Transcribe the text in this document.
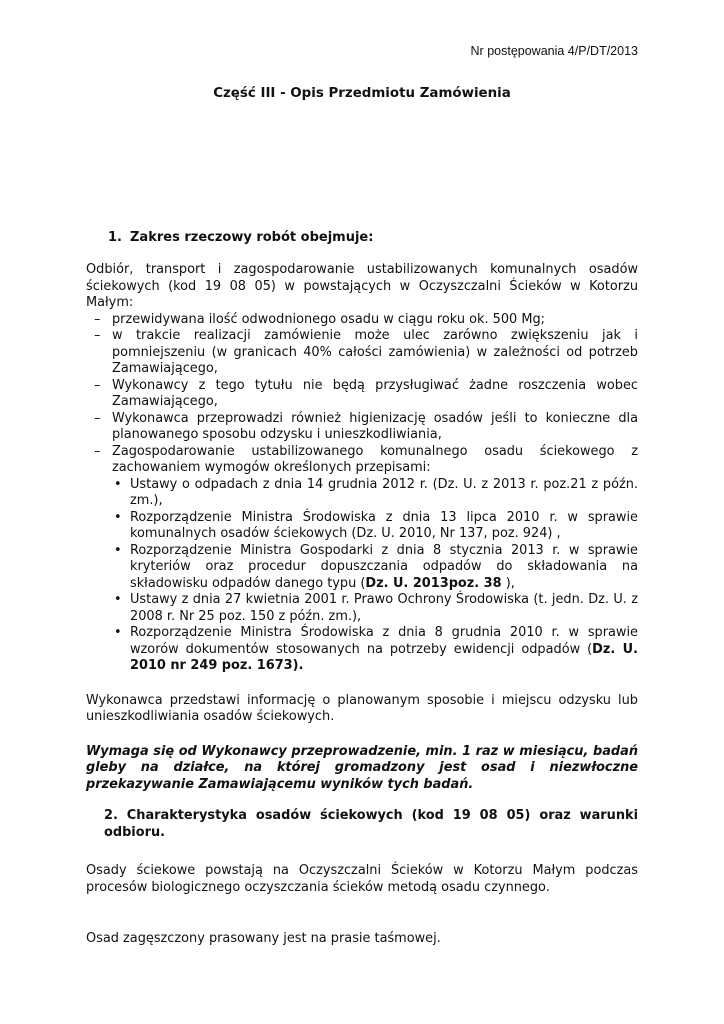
Nr postępowania 4/P/DT/2013
Część III - Opis Przedmiotu Zamówienia
1. Zakres rzeczowy robót obejmuje:

Odbiór, transport i zagospodarowanie ustabilizowanych komunalnych osadów ściekowych (kod 19 08 05) w powstających w Oczyszczalni Ścieków w Kotorzu Małym:

– przewidywana ilość odwodnionego osadu w ciągu roku ok. 500 Mg;
– w trakcie realizacji zamówienie może ulec zarówno zwiększeniu jak i pomniejszeniu (w granicach 40% całości zamówienia) w zależności od potrzeb Zamawiającego,
– Wykonawcy z tego tytułu nie będą przysługiwać żadne roszczenia wobec Zamawiającego,
– Wykonawca przeprowadzi również higienizację osadów jeśli to konieczne dla planowanego sposobu odzysku i unieszkodliwiania,
– Zagospodarowanie ustabilizowanego komunalnego osadu ściekowego z zachowaniem wymogów określonych przepisami:
• Ustawy o odpadach z dnia 14 grudnia 2012 r. (Dz. U. z 2013 r. poz.21 z późn. zm.),
• Rozporządzenie Ministra Środowiska z dnia 13 lipca 2010 r. w sprawie komunalnych osadów ściekowych (Dz. U. 2010, Nr 137, poz. 924) ,
• Rozporządzenie Ministra Gospodarki z dnia 8 stycznia 2013 r. w sprawie kryteriów oraz procedur dopuszczania odpadów do składowania na składowisku odpadów danego typu (Dz. U. 2013poz. 38 ),
• Ustawy z dnia 27 kwietnia 2001 r. Prawo Ochrony Środowiska (t. jedn. Dz. U. z 2008 r. Nr 25 poz. 150 z późn. zm.),
• Rozporządzenie Ministra Środowiska z dnia 8 grudnia 2010 r. w sprawie wzorów dokumentów stosowanych na potrzeby ewidencji odpadów (Dz. U. 2010 nr 249 poz. 1673).

Wykonawca przedstawi informację o planowanym sposobie i miejscu odzysku lub unieszkodliwiania osadów ściekowych.

Wymaga się od Wykonawcy przeprowadzenie, min. 1 raz w miesiącu, badań gleby na działce, na której gromadzony jest osad i niezwłoczne przekazywanie Zamawiającemu wyników tych badań.

2. Charakterystyka osadów ściekowych (kod 19 08 05) oraz warunki odbioru.

Osady ściekowe powstają na Oczyszczalni Ścieków w Kotorzu Małym podczas procesów biologicznego oczyszczania ścieków metodą osadu czynnego.

Osad zagęszczony prasowany jest na prasie taśmowej.
